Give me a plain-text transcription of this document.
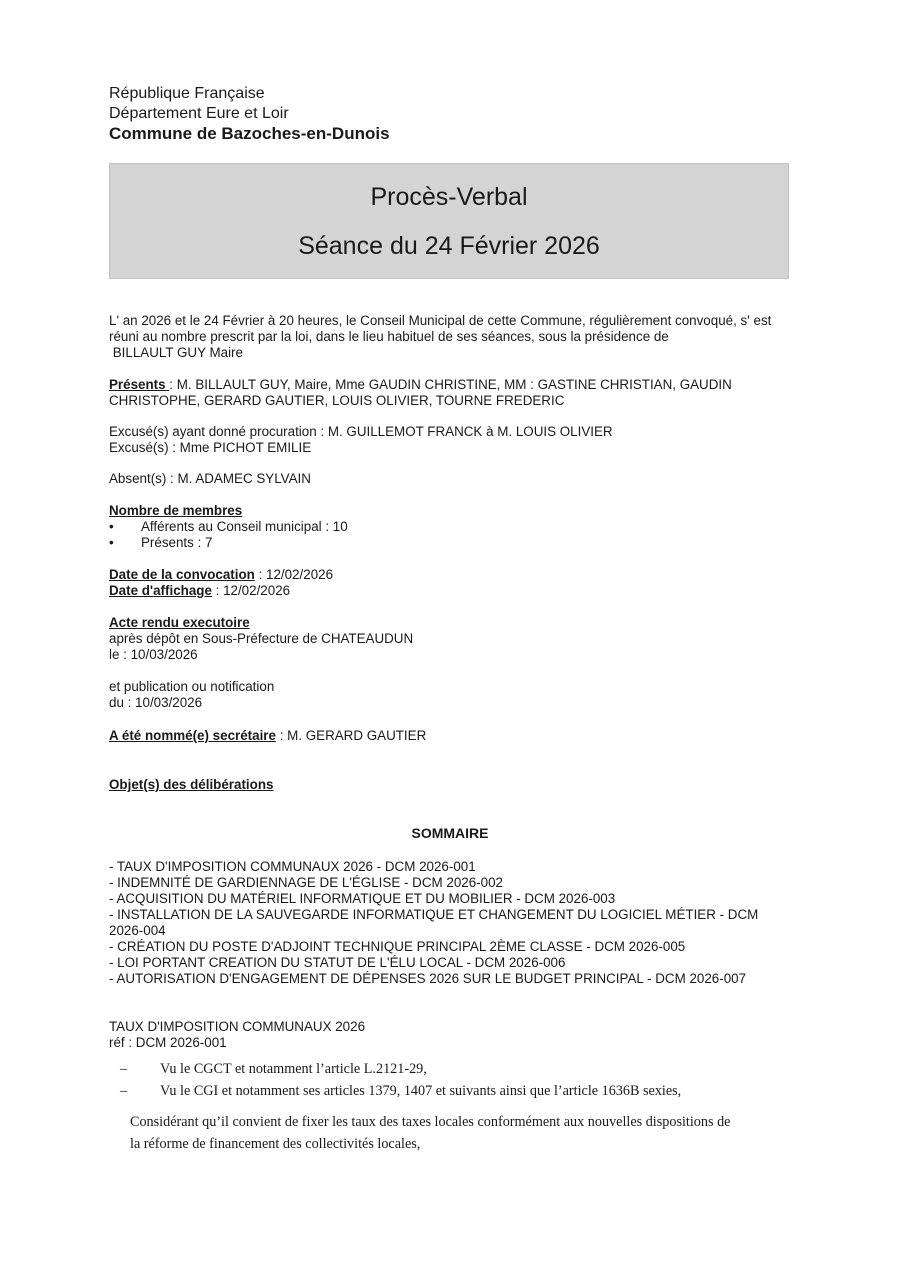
République Française
Département Eure et Loir
Commune de Bazoches-en-Dunois
Procès-Verbal
Séance du 24 Février 2026
L' an 2026 et le 24 Février à 20 heures, le Conseil Municipal de cette Commune, régulièrement convoqué, s' est
réuni au nombre prescrit par la loi, dans le lieu habituel de ses séances, sous la présidence de
BILLAULT GUY Maire
Présents : M. BILLAULT GUY, Maire, Mme GAUDIN CHRISTINE, MM : GASTINE CHRISTIAN, GAUDIN
CHRISTOPHE, GERARD GAUTIER, LOUIS OLIVIER, TOURNE FREDERIC
Excusé(s) ayant donné procuration : M. GUILLEMOT FRANCK à M. LOUIS OLIVIER
Excusé(s) : Mme PICHOT EMILIE
Absent(s) : M. ADAMEC SYLVAIN
Nombre de membres
• Afférents au Conseil municipal : 10
• Présents : 7
Date de la convocation : 12/02/2026
Date d'affichage : 12/02/2026
Acte rendu executoire
après dépôt en Sous-Préfecture de CHATEAUDUN
le : 10/03/2026
et publication ou notification
du : 10/03/2026
A été nommé(e) secrétaire : M. GERARD GAUTIER
Objet(s) des délibérations
SOMMAIRE
- TAUX D'IMPOSITION COMMUNAUX 2026 - DCM 2026-001
- INDEMNITÉ DE GARDIENNAGE DE L'ÉGLISE - DCM 2026-002
- ACQUISITION DU MATÉRIEL INFORMATIQUE ET DU MOBILIER - DCM 2026-003
- INSTALLATION DE LA SAUVEGARDE INFORMATIQUE ET CHANGEMENT DU LOGICIEL MÉTIER - DCM
2026-004
- CRÉATION DU POSTE D'ADJOINT TECHNIQUE PRINCIPAL 2ÈME CLASSE - DCM 2026-005
- LOI PORTANT CREATION DU STATUT DE L'ÉLU LOCAL - DCM 2026-006
- AUTORISATION D'ENGAGEMENT DE DÉPENSES 2026 SUR LE BUDGET PRINCIPAL - DCM 2026-007
TAUX D'IMPOSITION COMMUNAUX 2026
réf : DCM 2026-001
– Vu le CGCT et notamment l’article L.2121-29,
– Vu le CGI et notamment ses articles 1379, 1407 et suivants ainsi que l’article 1636B sexies,
Considérant qu’il convient de fixer les taux des taxes locales conformément aux nouvelles dispositions de
la réforme de financement des collectivités locales,
